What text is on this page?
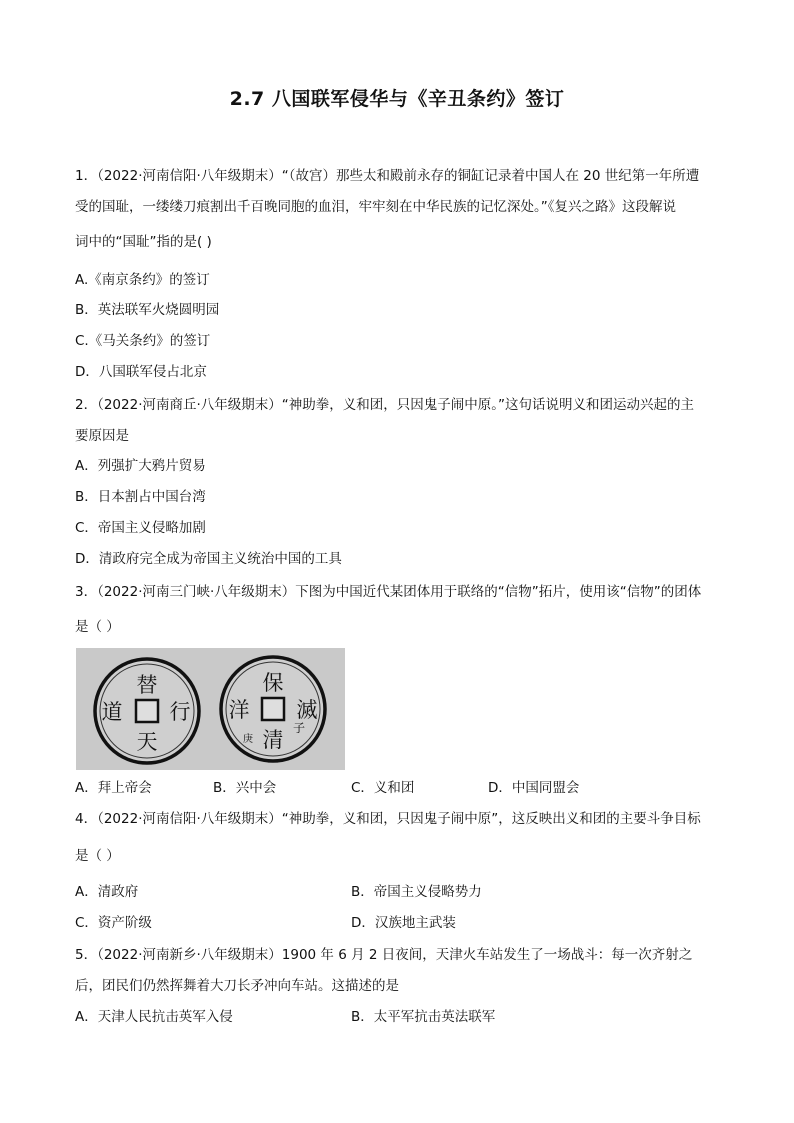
2.7 八国联军侵华与《辛丑条约》签订
1．（2022·河南信阳·八年级期末）“（故宫）那些太和殿前永存的铜缸记录着中国人在 20 世纪第一年所遭
受的国耻，一缕缕刀痕割出千百晚同胞的血泪，牢牢刻在中华民族的记忆深处。”《复兴之路》这段解说
词中的“国耻”指的是( )
A.《南京条约》的签订
B．英法联军火烧圆明园
C.《马关条约》的签订
D．八国联军侵占北京
2．（2022·河南商丘·八年级期末）“神助拳，义和团，只因鬼子闹中原。”这句话说明义和团运动兴起的主
要原因是
A．列强扩大鸦片贸易
B．日本割占中国台湾
C．帝国主义侵略加剧
D．清政府完全成为帝国主义统治中国的工具
3．（2022·河南三门峡·八年级期末）下图为中国近代某团体用于联络的“信物”拓片，使用该“信物”的团体
是（ ）
替
道 行
天
保
洋 滅
清
庚
子
A．拜上帝会	B．兴中会	C．义和团	D．中国同盟会
4．（2022·河南信阳·八年级期末）“神助拳，义和团，只因鬼子闹中原”，这反映出义和团的主要斗争目标
是（ ）
A．清政府	B．帝国主义侵略势力
C．资产阶级	D．汉族地主武装
5．（2022·河南新乡·八年级期末）1900 年 6 月 2 日夜间，天津火车站发生了一场战斗：每一次齐射之
后，团民们仍然挥舞着大刀长矛冲向车站。这描述的是
A．天津人民抗击英军入侵	B．太平军抗击英法联军
